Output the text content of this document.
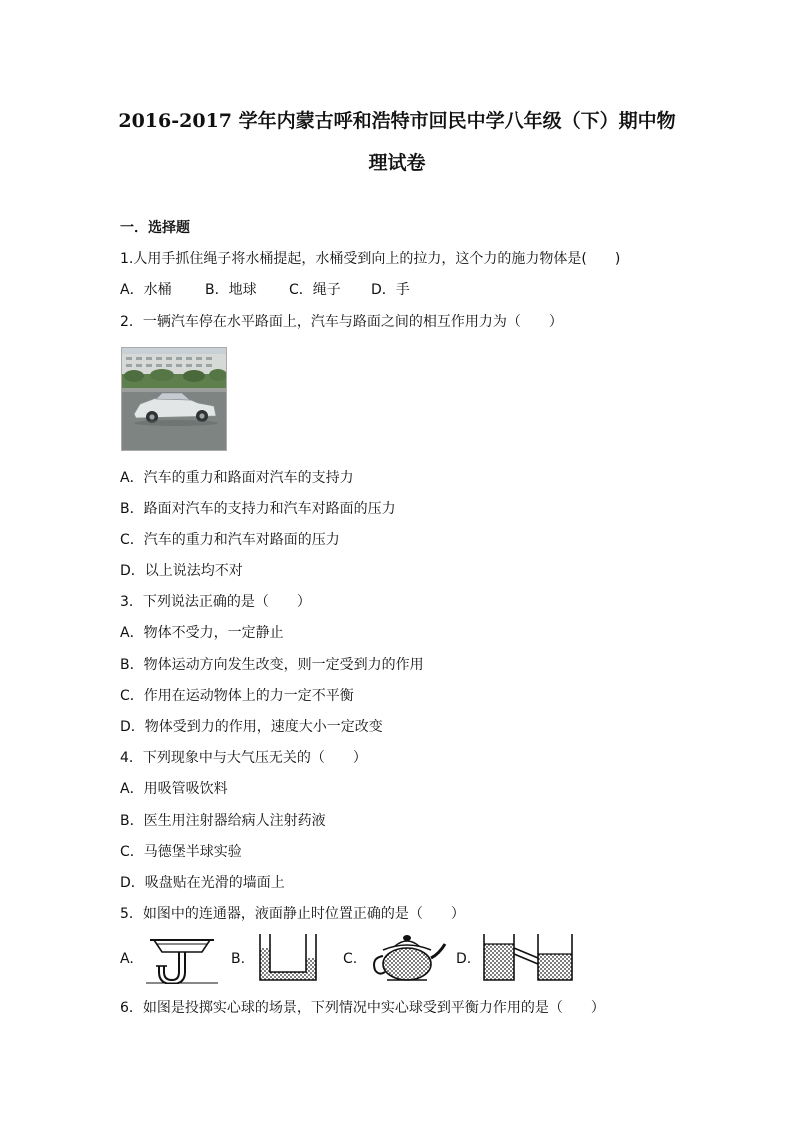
2016-2017 学年内蒙古呼和浩特市回民中学八年级（下）期中物
理试卷
一．选择题
1.人用手抓住绳子将水桶提起，水桶受到向上的拉力，这个力的施力物体是(　　)
A．水桶 B．地球 C．绳子 D．手
2．一辆汽车停在水平路面上，汽车与路面之间的相互作用力为（　　）
A．汽车的重力和路面对汽车的支持力
B．路面对汽车的支持力和汽车对路面的压力
C．汽车的重力和汽车对路面的压力
D．以上说法均不对
3．下列说法正确的是（　　）
A．物体不受力，一定静止
B．物体运动方向发生改变，则一定受到力的作用
C．作用在运动物体上的力一定不平衡
D．物体受到力的作用，速度大小一定改变
4．下列现象中与大气压无关的（　　）
A．用吸管吸饮料
B．医生用注射器给病人注射药液
C．马德堡半球实验
D．吸盘贴在光滑的墙面上
5．如图中的连通器，液面静止时位置正确的是（　　）
A.	B.	C.	D.
6．如图是投掷实心球的场景，下列情况中实心球受到平衡力作用的是（　　）
